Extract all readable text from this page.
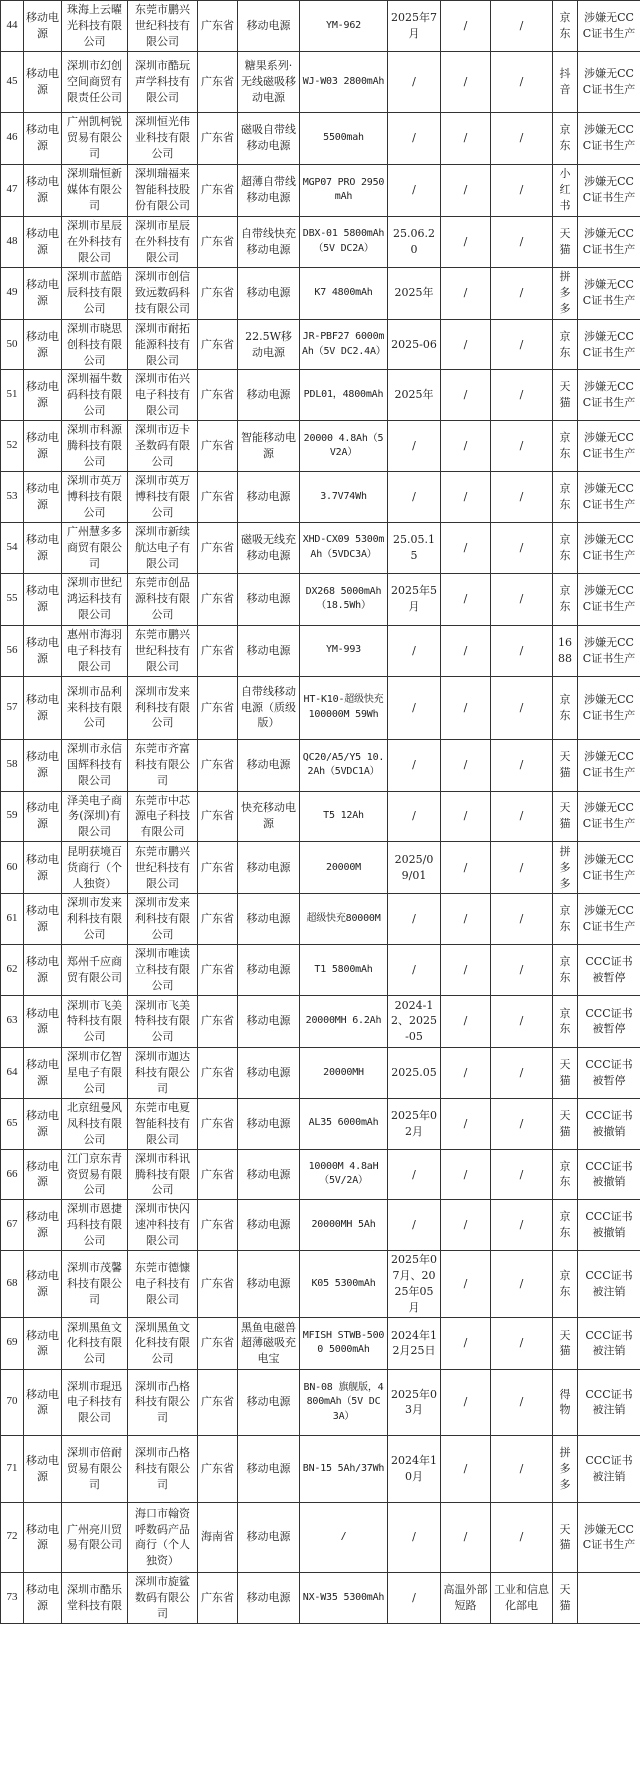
44	移动电源	珠海上云曜光科技有限公司	东莞市鹏兴世纪科技有限公司	广东省	移动电源	YM-962	2025年7月	/	/	京东	涉嫌无CCC证书生产
45	移动电源	深圳市幻创空间商贸有限责任公司	深圳市酷玩声学科技有限公司	广东省	糖果系列·无线磁吸移动电源	WJ-W03 2800mAh	/	/	/	抖音	涉嫌无CCC证书生产
46	移动电源	广州凯柯锐贸易有限公司	深圳恒光伟业科技有限公司	广东省	磁吸自带线移动电源	5500mah	/	/	/	京东	涉嫌无CCC证书生产
47	移动电源	深圳瑞恒新媒体有限公司	深圳瑞福来智能科技股份有限公司	广东省	超薄自带线移动电源	MGP07 PRO 2950mAh	/	/	/	小红书	涉嫌无CCC证书生产
48	移动电源	深圳市星辰在外科技有限公司	深圳市星辰在外科技有限公司	广东省	自带线快充移动电源	DBX-01 5800mAh（5V DC2A）	25.06.20	/	/	天猫	涉嫌无CCC证书生产
49	移动电源	深圳市蓝皓辰科技有限公司	深圳市创信致远数码科技有限公司	广东省	移动电源	K7 4800mAh	2025年	/	/	拼多多	涉嫌无CCC证书生产
50	移动电源	深圳市晓思创科技有限公司	深圳市耐拓能源科技有限公司	广东省	22.5W移动电源	JR-PBF27 6000mAh（5V DC2.4A）	2025-06	/	/	京东	涉嫌无CCC证书生产
51	移动电源	深圳福牛数码科技有限公司	深圳市佑兴电子科技有限公司	广东省	移动电源	PDL01，4800mAh	2025年	/	/	天猫	涉嫌无CCC证书生产
52	移动电源	深圳市科源腾科技有限公司	深圳市迈卡圣数码有限公司	广东省	智能移动电源	20000 4.8Ah（5V2A）	/	/	/	京东	涉嫌无CCC证书生产
53	移动电源	深圳市英万博科技有限公司	深圳市英万博科技有限公司	广东省	移动电源	3.7V74Wh	/	/	/	京东	涉嫌无CCC证书生产
54	移动电源	广州慧多多商贸有限公司	深圳市新续航达电子有限公司	广东省	磁吸无线充移动电源	XHD-CX09 5300mAh（5VDC3A）	25.05.15	/	/	京东	涉嫌无CCC证书生产
55	移动电源	深圳市世纪鸿运科技有限公司	东莞市创品源科技有限公司	广东省	移动电源	DX268 5000mAh（18.5Wh）	2025年5月	/	/	京东	涉嫌无CCC证书生产
56	移动电源	惠州市海羽电子科技有限公司	东莞市鹏兴世纪科技有限公司	广东省	移动电源	YM-993	/	/	/	1688	涉嫌无CCC证书生产
57	移动电源	深圳市品利来科技有限公司	深圳市发来利科技有限公司	广东省	自带线移动电源（质级版）	HT-K10-超级快充100000M 59Wh	/	/	/	京东	涉嫌无CCC证书生产
58	移动电源	深圳市永信国辉科技有限公司	东莞市齐富科技有限公司	广东省	移动电源	QC20/A5/Y5 10.2Ah（5VDC1A）	/	/	/	天猫	涉嫌无CCC证书生产
59	移动电源	泽美电子商务(深圳)有限公司	东莞市中芯源电子科技有限公司	广东省	快充移动电源	T5 12Ah	/	/	/	天猫	涉嫌无CCC证书生产
60	移动电源	昆明获境百货商行（个人独资）	东莞市鹏兴世纪科技有限公司	广东省	移动电源	20000M	2025/09/01	/	/	拼多多	涉嫌无CCC证书生产
61	移动电源	深圳市发来利科技有限公司	深圳市发来利科技有限公司	广东省	移动电源	超级快充80000M	/	/	/	京东	涉嫌无CCC证书生产
62	移动电源	郑州千应商贸有限公司	深圳市唯读立科技有限公司	广东省	移动电源	T1 5800mAh	/	/	/	京东	CCC证书被暂停
63	移动电源	深圳市飞美特科技有限公司	深圳市飞美特科技有限公司	广东省	移动电源	20000MH 6.2Ah	2024-12、2025-05	/	/	京东	CCC证书被暂停
64	移动电源	深圳市亿智星电子有限公司	深圳市迦达科技有限公司	广东省	移动电源	20000MH	2025.05	/	/	天猫	CCC证书被暂停
65	移动电源	北京纽曼风凤科技有限公司	东莞市电夏智能科技有限公司	广东省	移动电源	AL35 6000mAh	2025年02月	/	/	天猫	CCC证书被撤销
66	移动电源	江门京东青资贸易有限公司	深圳市科讯腾科技有限公司	广东省	移动电源	10000M 4.8aH（5V/2A）	/	/	/	京东	CCC证书被撤销
67	移动电源	深圳市恩捷玛科技有限公司	深圳市快闪速冲科技有限公司	广东省	移动电源	20000MH 5Ah	/	/	/	京东	CCC证书被撤销
68	移动电源	深圳市茂馨科技有限公司	东莞市德慷电子科技有限公司	广东省	移动电源	K05 5300mAh	2025年07月、2025年05月	/	/	京东	CCC证书被注销
69	移动电源	深圳黑鱼文化科技有限公司	深圳黑鱼文化科技有限公司	广东省	黑鱼电磁兽超薄磁吸充电宝	MFISH STWB-5000 5000mAh	2024年12月25日	/	/	天猫	CCC证书被注销
70	移动电源	深圳市琨迅电子科技有限公司	深圳市凸格科技有限公司	广东省	移动电源	BN-08 旗舰版，4800mAh（5V DC 3A）	2025年03月	/	/	得物	CCC证书被注销
71	移动电源	深圳市倍耐贸易有限公司	深圳市凸格科技有限公司	广东省	移动电源	BN-15 5Ah/37Wh	2024年10月	/	/	拼多多	CCC证书被注销
72	移动电源	广州亮川贸易有限公司	海口市翰资呼数码产品商行（个人独资）	海南省	移动电源	/	/	/	/	天猫	涉嫌无CCC证书生产
73	移动电源	深圳市酷乐堂科技有限	深圳市旋鲨数码有限公司	广东省	移动电源	NX-W35 5300mAh	/	高温外部短路	工业和信息化部电	天猫	
